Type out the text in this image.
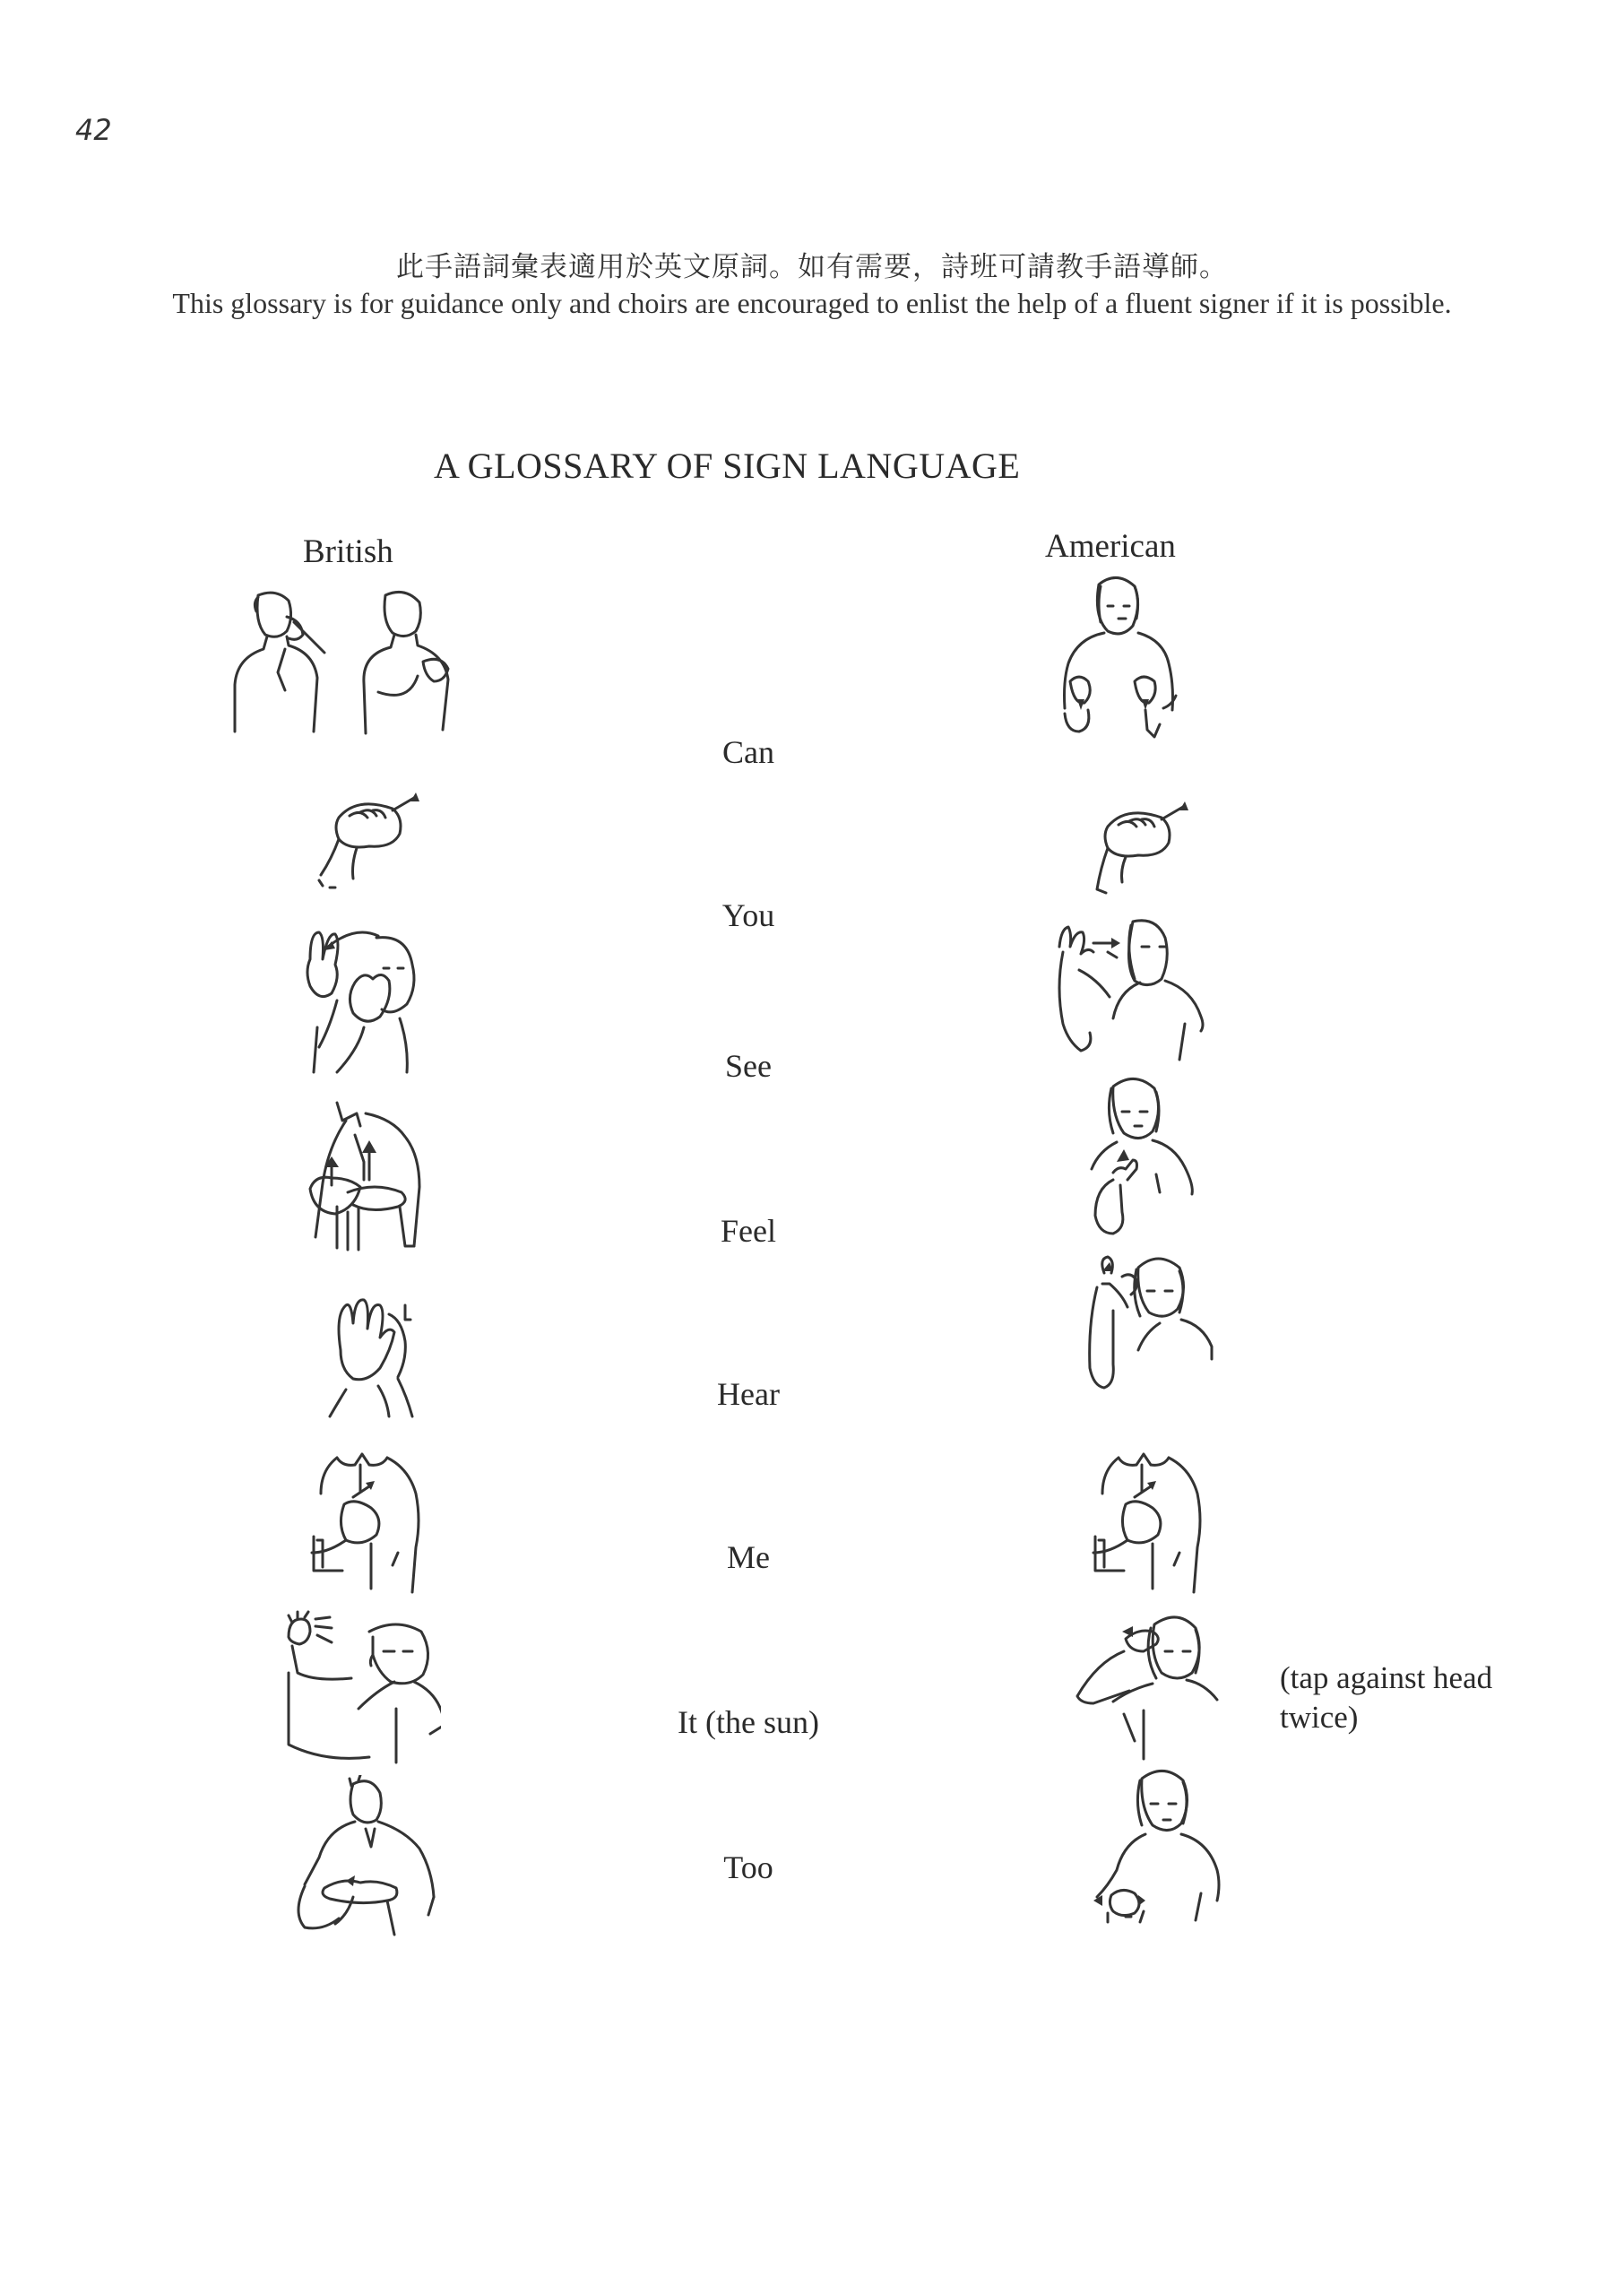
42
此手語詞彙表適用於英文原詞。如有需要，詩班可請教手語導師。
This glossary is for guidance only and choirs are encouraged to enlist the help of a fluent signer if it is possible.
A GLOSSARY OF SIGN LANGUAGE
British	American
Can
You
See
Feel
Hear
Me
It (the sun)
Too
(tap against head twice)
